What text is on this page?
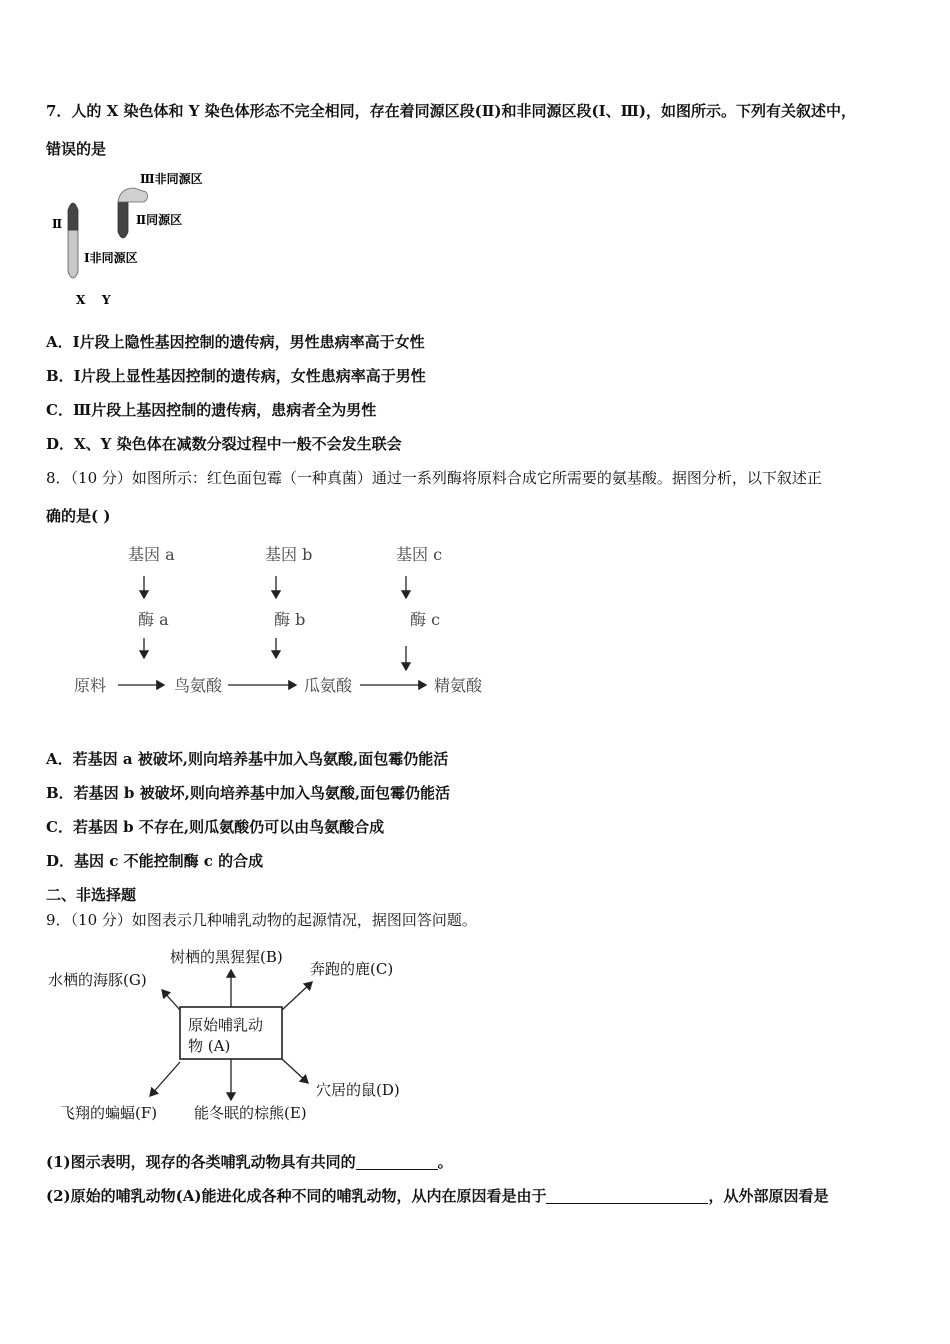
7．人的 X 染色体和 Y 染色体形态不完全相同，存在着同源区段(Ⅱ)和非同源区段(Ⅰ、Ⅲ)，如图所示。下列有关叙述中，
错误的是
Ⅲ非同源区
Ⅱ同源区
Ⅱ
Ⅰ非同源区
X Y
A．Ⅰ片段上隐性基因控制的遗传病，男性患病率高于女性
B．Ⅰ片段上显性基因控制的遗传病，女性患病率高于男性
C．Ⅲ片段上基因控制的遗传病，患病者全为男性
D．X、Y 染色体在减数分裂过程中一般不会发生联会
8．（10 分）如图所示：红色面包霉（一种真菌）通过一系列酶将原料合成它所需要的氨基酸。据图分析，以下叙述正
确的是( )
基因 a	基因 b	基因 c
酶 a	酶 b	酶 c
原料	鸟氨酸	瓜氨酸	精氨酸
A．若基因 a 被破坏,则向培养基中加入鸟氨酸,面包霉仍能活
B．若基因 b 被破坏,则向培养基中加入鸟氨酸,面包霉仍能活
C．若基因 b 不存在,则瓜氨酸仍可以由鸟氨酸合成
D．基因 c 不能控制酶 c 的合成
二、非选择题
9．（10 分）如图表示几种哺乳动物的起源情况，据图回答问题。
原始哺乳动
物 (A)
树栖的黑猩猩(B)
奔跑的鹿(C)
水栖的海豚(G)
穴居的鼠(D)
飞翔的蝙蝠(F) 能冬眠的棕熊(E)
(1)图示表明，现存的各类哺乳动物具有共同的	。
(2)原始的哺乳动物(A)能进化成各种不同的哺乳动物，从内在原因看是由于	，从外部原因看是
